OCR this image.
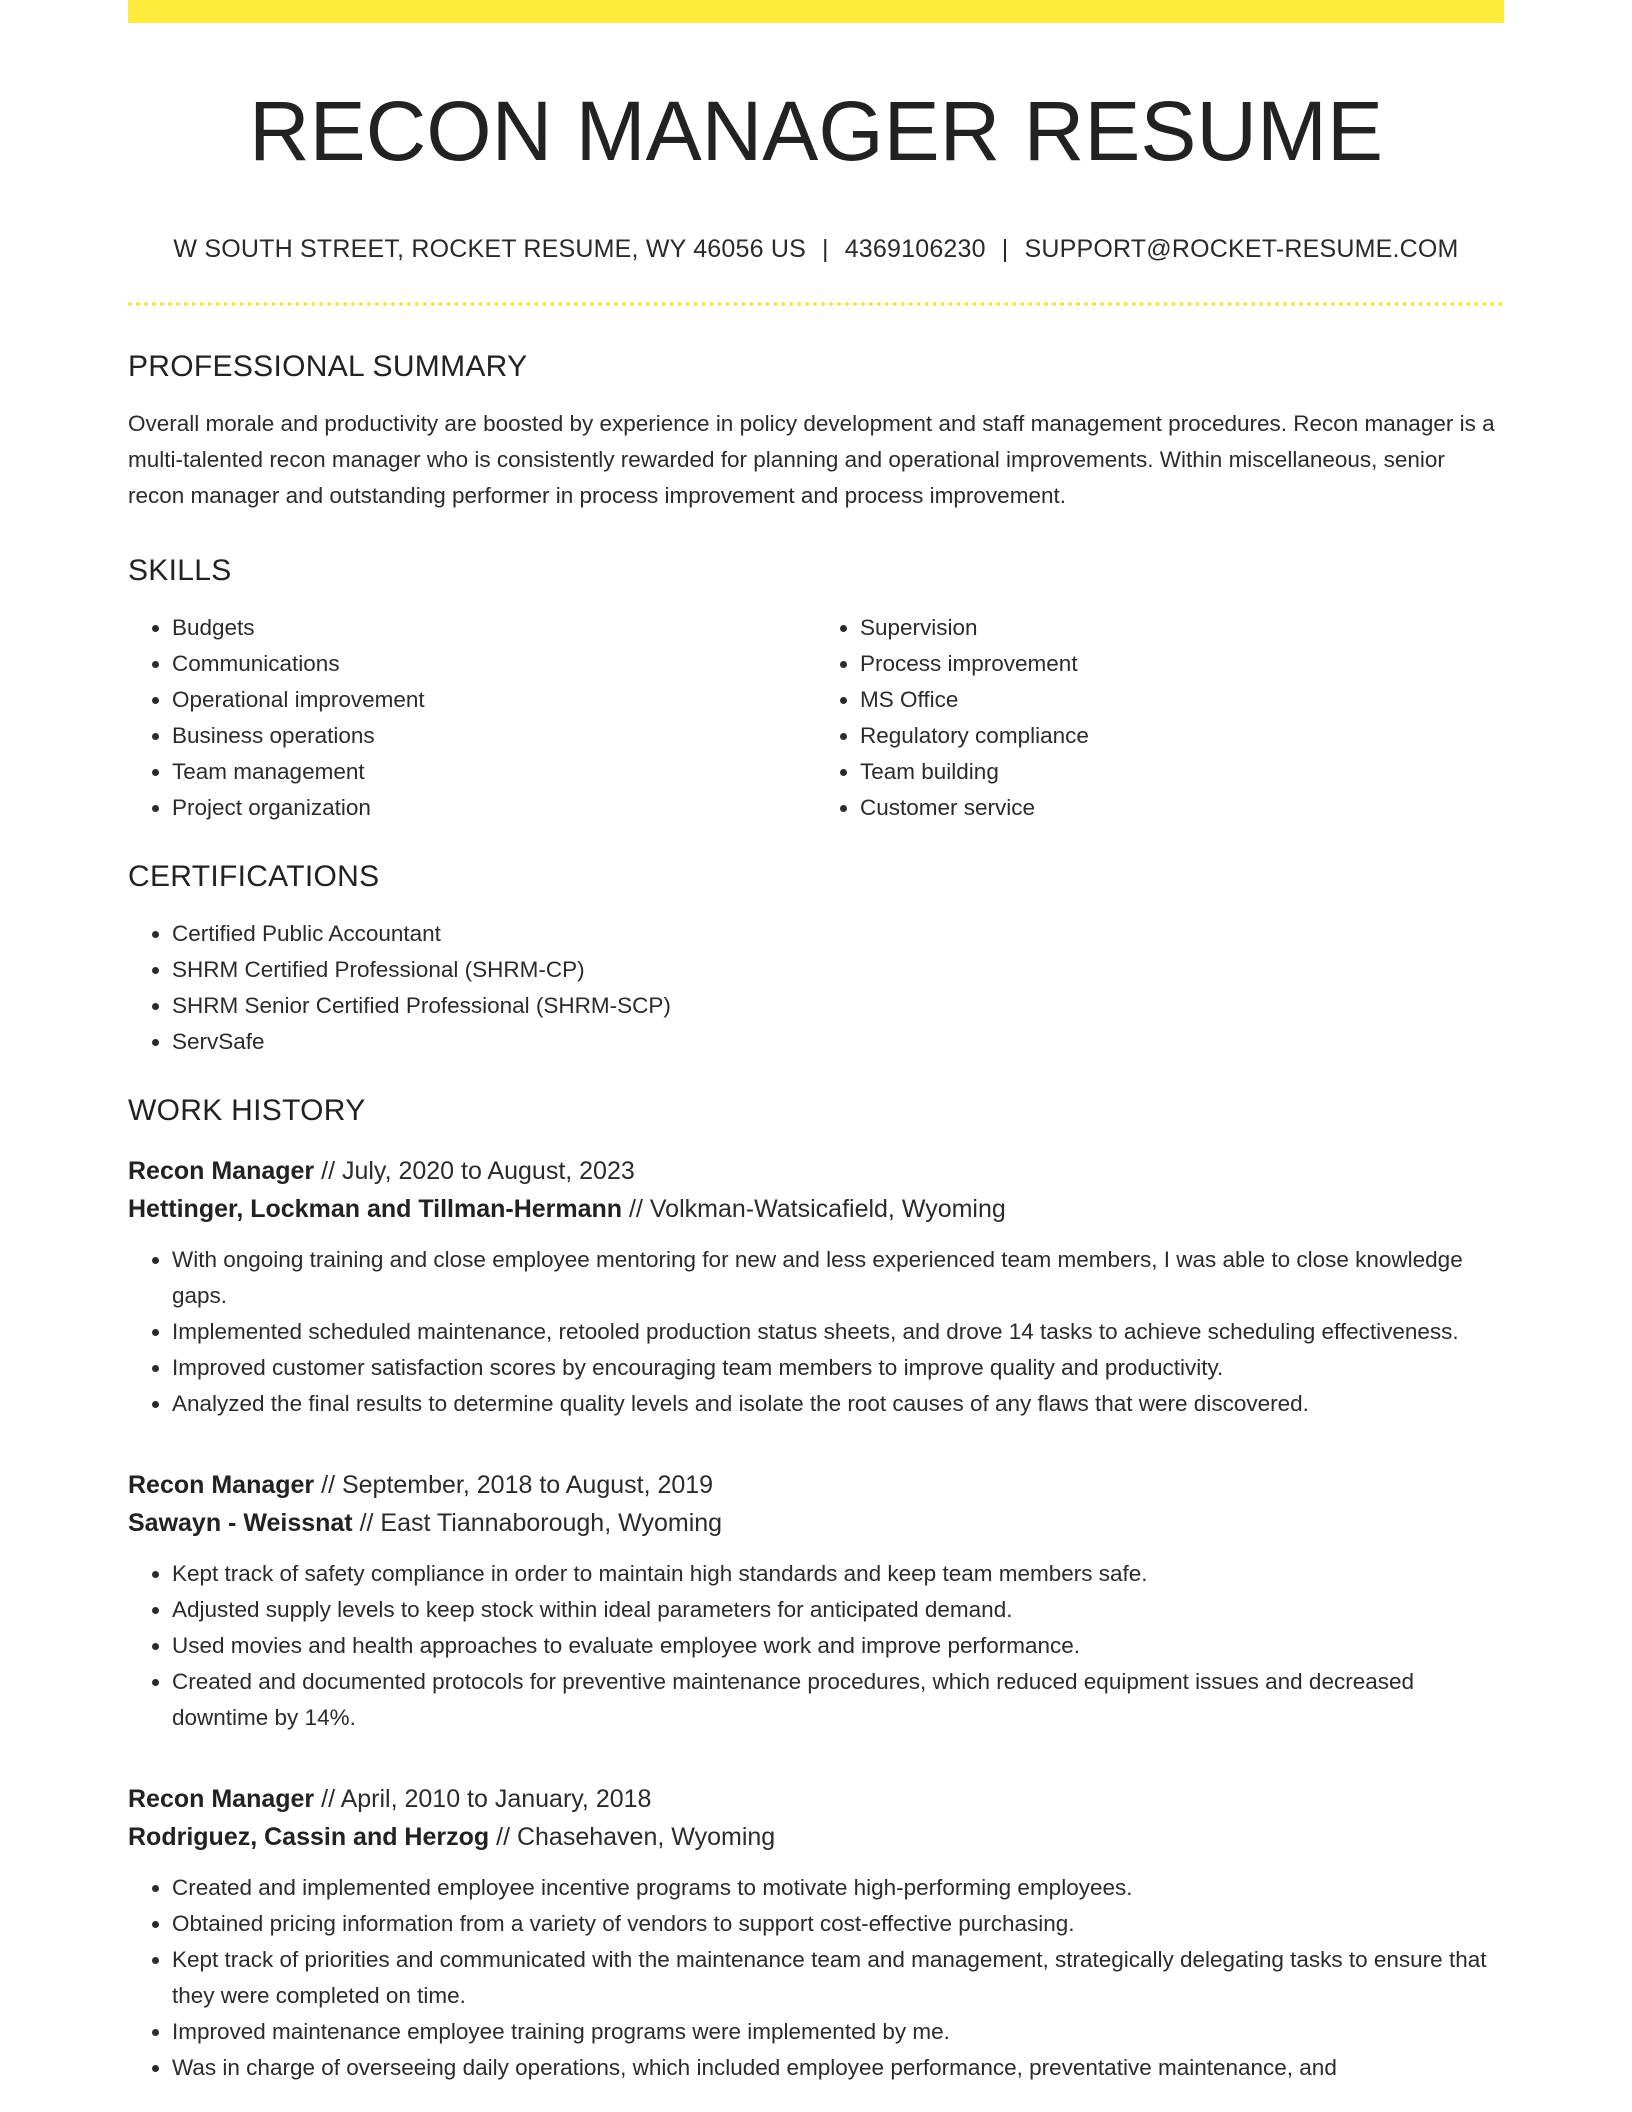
RECON MANAGER RESUME
W SOUTH STREET, ROCKET RESUME, WY 46056 US | 4369106230 | SUPPORT@ROCKET-RESUME.COM
PROFESSIONAL SUMMARY

Overall morale and productivity are boosted by experience in policy development and staff management procedures. Recon manager is a multi-talented recon manager who is consistently rewarded for planning and operational improvements. Within miscellaneous, senior recon manager and outstanding performer in process improvement and process improvement.

SKILLS
• Budgets
• Communications
• Operational improvement
• Business operations
• Team management
• Project organization
• Supervision
• Process improvement
• MS Office
• Regulatory compliance
• Team building
• Customer service
CERTIFICATIONS
• Certified Public Accountant
• SHRM Certified Professional (SHRM-CP)
• SHRM Senior Certified Professional (SHRM-SCP)
• ServSafe
WORK HISTORY
Recon Manager // July, 2020 to August, 2023
Hettinger, Lockman and Tillman-Hermann // Volkman-Watsicafield, Wyoming
• With ongoing training and close employee mentoring for new and less experienced team members, I was able to close knowledge gaps.
• Implemented scheduled maintenance, retooled production status sheets, and drove 14 tasks to achieve scheduling effectiveness.
• Improved customer satisfaction scores by encouraging team members to improve quality and productivity.
• Analyzed the final results to determine quality levels and isolate the root causes of any flaws that were discovered.
Recon Manager // September, 2018 to August, 2019
Sawayn - Weissnat // East Tiannaborough, Wyoming
• Kept track of safety compliance in order to maintain high standards and keep team members safe.
• Adjusted supply levels to keep stock within ideal parameters for anticipated demand.
• Used movies and health approaches to evaluate employee work and improve performance.
• Created and documented protocols for preventive maintenance procedures, which reduced equipment issues and decreased downtime by 14%.
Recon Manager // April, 2010 to January, 2018
Rodriguez, Cassin and Herzog // Chasehaven, Wyoming
• Created and implemented employee incentive programs to motivate high-performing employees.
• Obtained pricing information from a variety of vendors to support cost-effective purchasing.
• Kept track of priorities and communicated with the maintenance team and management, strategically delegating tasks to ensure that they were completed on time.
• Improved maintenance employee training programs were implemented by me.
• Was in charge of overseeing daily operations, which included employee performance, preventative maintenance, and
